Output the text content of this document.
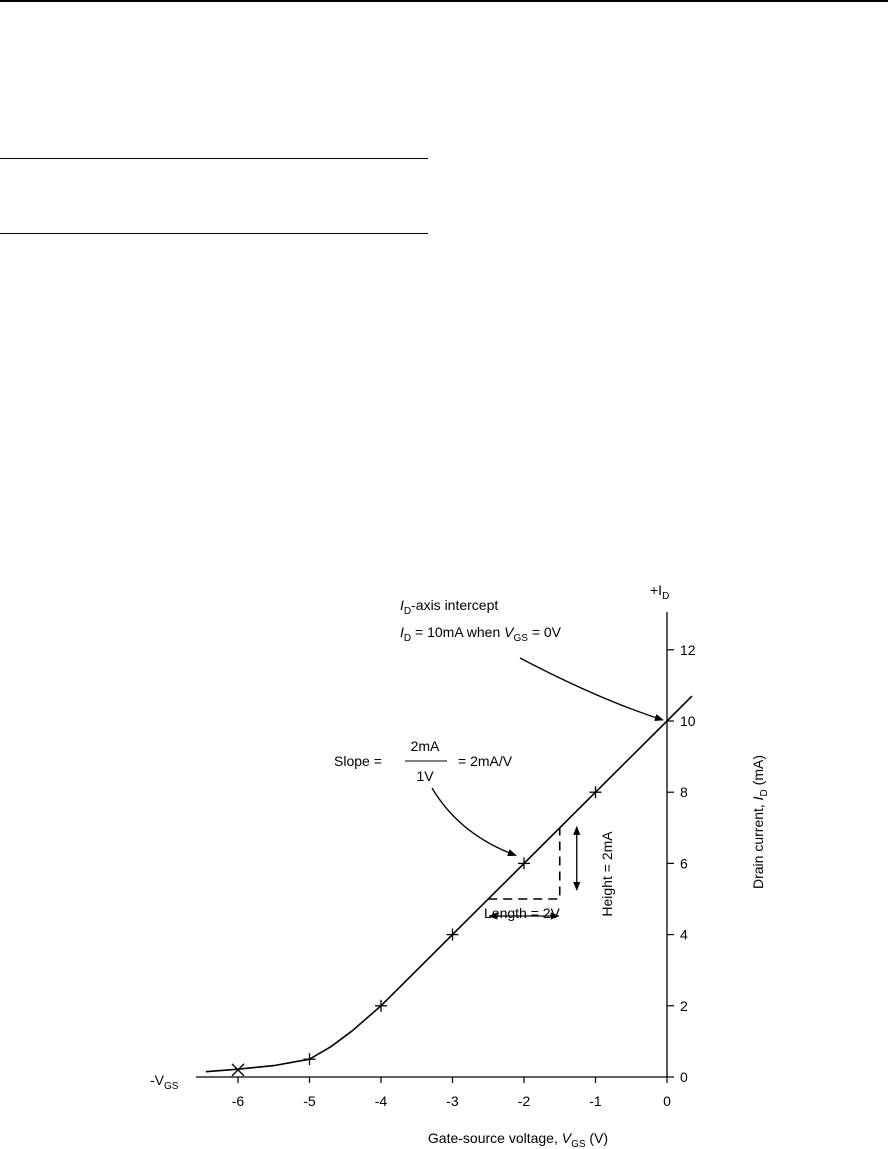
-6	-5	-4	-3	-2	-1	0
0
2
4
6
8
10
12
$I_D$-axis intercept
$I_D = 10mA$ when $V_{GS} = 0V$
Slope =
2mA
1V
= 2mA/V
Length = 2V	Height = 2mA
$-V_{GS}$
$+I_D$
Gate-source voltage, $V_{GS}$ (V)
Drain current, $I_D$ (mA)
